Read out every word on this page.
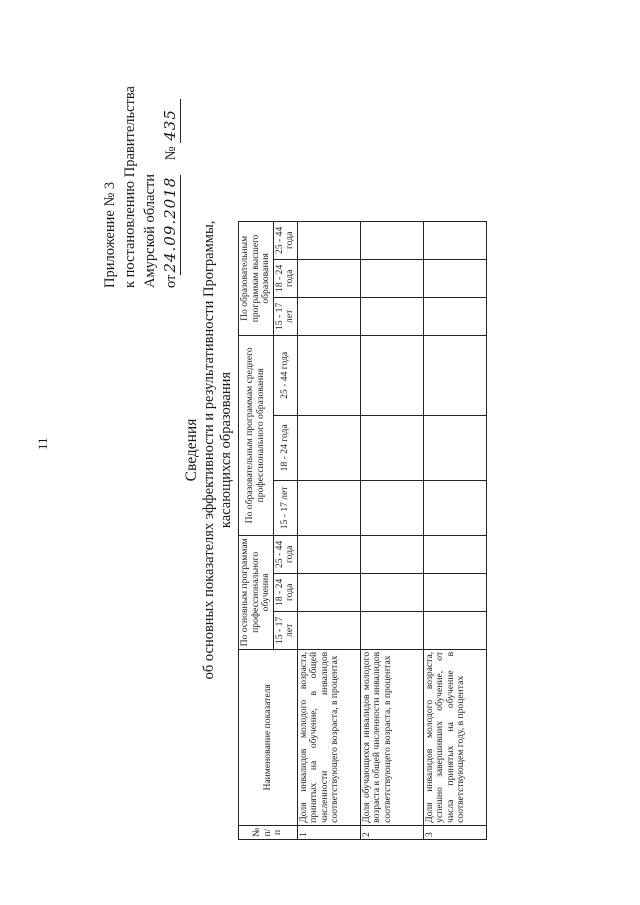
11
Приложение № 3 к постановлению Правительства Амурской области от24.09.2018    № 435
Сведения об основных показателях эффективности и результативности Программы, касающихся образования
№ п/п	Наименование показателя	По основным программам профессионального обучения			По образовательным программам среднего профессионального образования			По образовательным программам высшего образования		
		15 - 17 лет	18 - 24 года	25 - 44 года	15 - 17 лет	18 - 24 года	25 - 44 года	15 - 17 лет	18 - 24 года	25 - 44 года
1	Доля инвалидов молодого возраста, принятых на обучение, в общей численности инвалидов соответствующего возраста, в процентах									
2	Доля обучающихся инвалидов молодого возраста в общей численности инвалидов соответствующего возраста, в процентах									
3	Доля инвалидов молодого возраста, успешно завершивших обучение, от числа принятых на обучение в соответствующем году, в процентах									
